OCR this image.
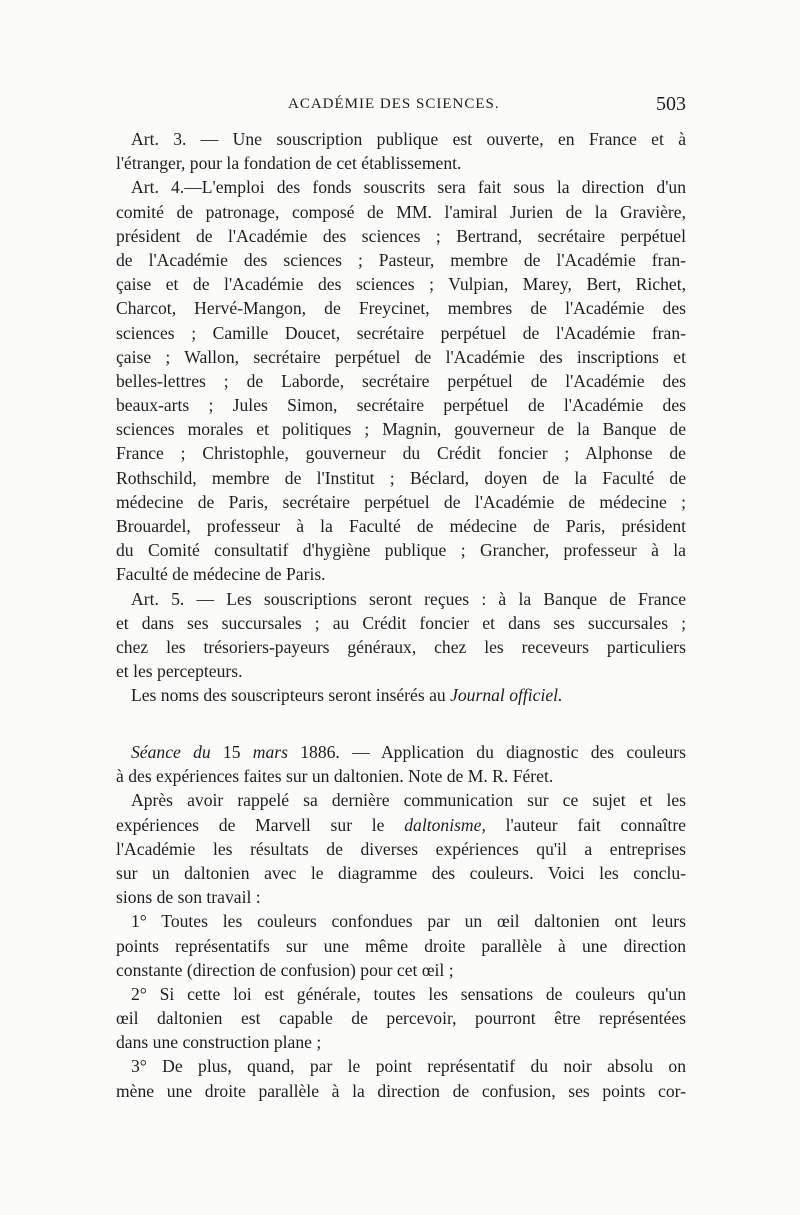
ACADÉMIE DES SCIENCES.	503
Art. 3. — Une souscription publique est ouverte, en France et à
l'étranger, pour la fondation de cet établissement.
Art. 4.—L'emploi des fonds souscrits sera fait sous la direction d'un
comité de patronage, composé de MM. l'amiral Jurien de la Gravière,
président de l'Académie des sciences ; Bertrand, secrétaire perpétuel
de l'Académie des sciences ; Pasteur, membre de l'Académie fran-
çaise et de l'Académie des sciences ; Vulpian, Marey, Bert, Richet,
Charcot, Hervé-Mangon, de Freycinet, membres de l'Académie des
sciences ; Camille Doucet, secrétaire perpétuel de l'Académie fran-
çaise ; Wallon, secrétaire perpétuel de l'Académie des inscriptions et
belles-lettres ; de Laborde, secrétaire perpétuel de l'Académie des
beaux-arts ; Jules Simon, secrétaire perpétuel de l'Académie des
sciences morales et politiques ; Magnin, gouverneur de la Banque de
France ; Christophle, gouverneur du Crédit foncier ; Alphonse de
Rothschild, membre de l'Institut ; Béclard, doyen de la Faculté de
médecine de Paris, secrétaire perpétuel de l'Académie de médecine ;
Brouardel, professeur à la Faculté de médecine de Paris, président
du Comité consultatif d'hygiène publique ; Grancher, professeur à la
Faculté de médecine de Paris.
Art. 5. — Les souscriptions seront reçues : à la Banque de France
et dans ses succursales ; au Crédit foncier et dans ses succursales ;
chez les trésoriers-payeurs généraux, chez les receveurs particuliers
et les percepteurs.
Les noms des souscripteurs seront insérés au Journal officiel.
Séance du 15 mars 1886. — Application du diagnostic des couleurs
à des expériences faites sur un daltonien. Note de M. R. Féret.
Après avoir rappelé sa dernière communication sur ce sujet et les
expériences de Marvell sur le daltonisme, l'auteur fait connaître
l'Académie les résultats de diverses expériences qu'il a entreprises
sur un daltonien avec le diagramme des couleurs. Voici les conclu-
sions de son travail :
1° Toutes les couleurs confondues par un œil daltonien ont leurs
points représentatifs sur une même droite parallèle à une direction
constante (direction de confusion) pour cet œil ;
2° Si cette loi est générale, toutes les sensations de couleurs qu'un
œil daltonien est capable de percevoir, pourront être représentées
dans une construction plane ;
3° De plus, quand, par le point représentatif du noir absolu on
mène une droite parallèle à la direction de confusion, ses points cor-
